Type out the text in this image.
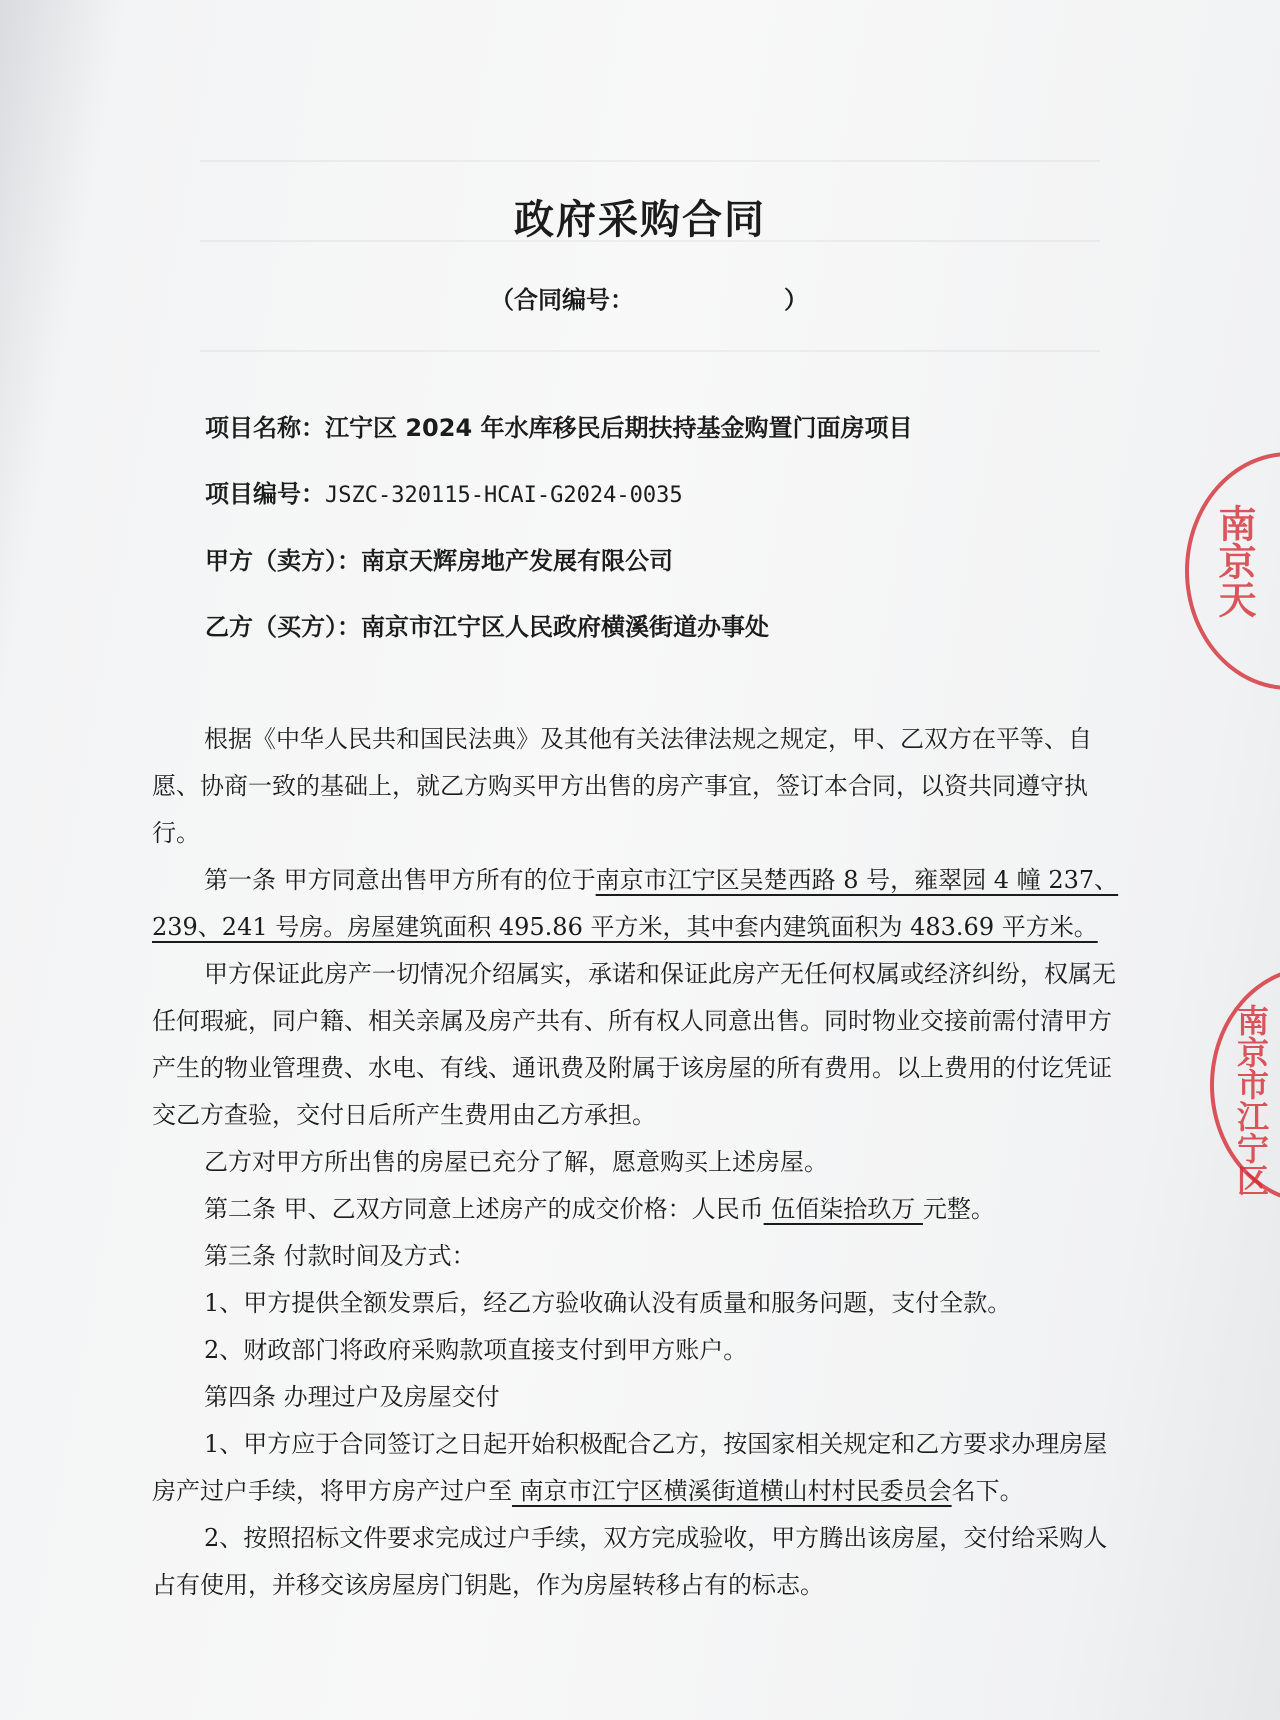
政府采购合同
（合同编号：	）
项目名称：江宁区 2024 年水库移民后期扶持基金购置门面房项目
项目编号：JSZC-320115-HCAI-G2024-0035
甲方（卖方）：南京天辉房地产发展有限公司
乙方（买方）：南京市江宁区人民政府横溪街道办事处

根据《中华人民共和国民法典》及其他有关法律法规之规定，甲、乙双方在平等、自愿、协商一致的基础上，就乙方购买甲方出售的房产事宜，签订本合同，以资共同遵守执行。

第一条 甲方同意出售甲方所有的位于南京市江宁区吴楚西路 8 号，雍翠园 4 幢 237、239、241 号房。房屋建筑面积 495.86 平方米，其中套内建筑面积为 483.69 平方米。

甲方保证此房产一切情况介绍属实，承诺和保证此房产无任何权属或经济纠纷，权属无任何瑕疵，同户籍、相关亲属及房产共有、所有权人同意出售。同时物业交接前需付清甲方产生的物业管理费、水电、有线、通讯费及附属于该房屋的所有费用。以上费用的付讫凭证交乙方查验，交付日后所产生费用由乙方承担。

乙方对甲方所出售的房屋已充分了解，愿意购买上述房屋。

第二条 甲、乙双方同意上述房产的成交价格：人民币 伍佰柒拾玖万 元整。

第三条 付款时间及方式：

1、甲方提供全额发票后，经乙方验收确认没有质量和服务问题，支付全款。

2、财政部门将政府采购款项直接支付到甲方账户。

第四条 办理过户及房屋交付

1、甲方应于合同签订之日起开始积极配合乙方，按国家相关规定和乙方要求办理房屋房产过户手续，将甲方房产过户至 南京市江宁区横溪街道横山村村民委员会名下。

2、按照招标文件要求完成过户手续，双方完成验收，甲方腾出该房屋，交付给采购人占有使用，并移交该房屋房门钥匙，作为房屋转移占有的标志。

南京天
南京市江宁区
